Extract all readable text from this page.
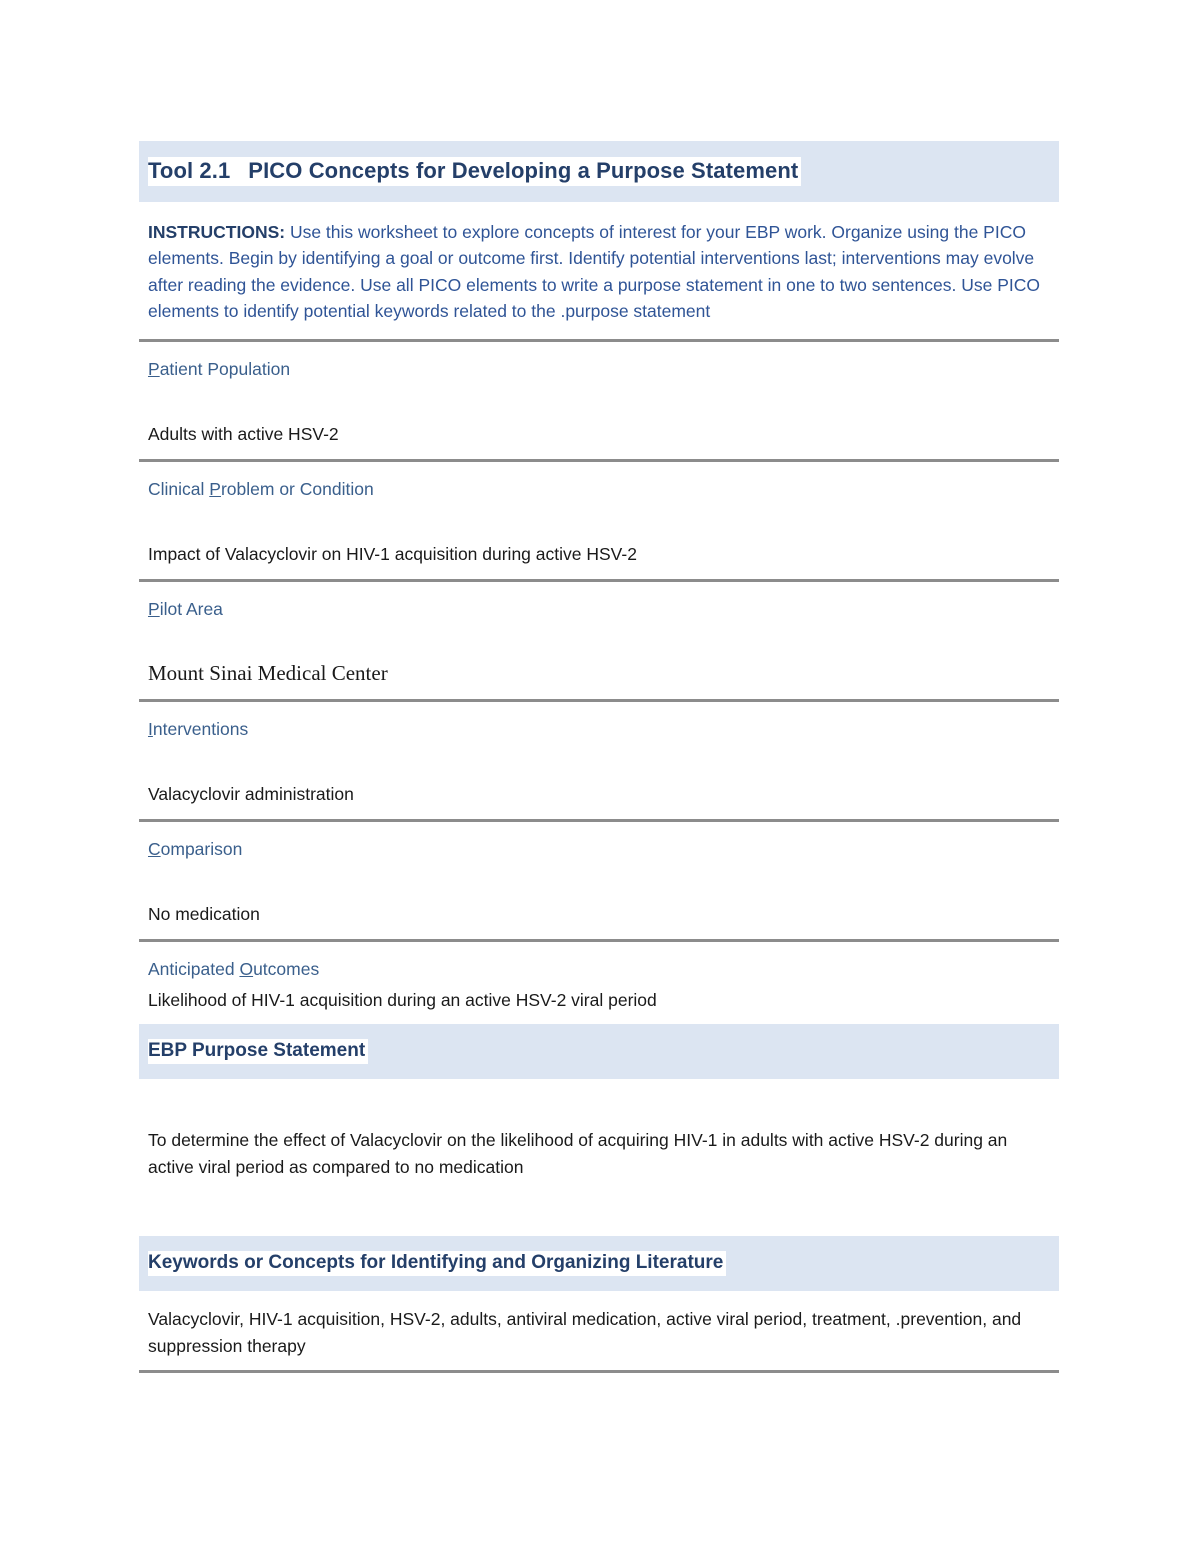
Tool 2.1 PICO Concepts for Developing a Purpose Statement
INSTRUCTIONS: Use this worksheet to explore concepts of interest for your EBP work. Organize using the PICO elements. Begin by identifying a goal or outcome first. Identify potential interventions last; interventions may evolve after reading the evidence. Use all PICO elements to write a purpose statement in one to two sentences. Use PICO elements to identify potential keywords related to the .purpose statement
Patient Population
Adults with active HSV-2
Clinical Problem or Condition
Impact of Valacyclovir on HIV-1 acquisition during active HSV-2
Pilot Area
Mount Sinai Medical Center
Interventions
Valacyclovir administration
Comparison
No medication
Anticipated Outcomes
Likelihood of HIV-1 acquisition during an active HSV-2 viral period
EBP Purpose Statement
To determine the effect of Valacyclovir on the likelihood of acquiring HIV-1 in adults with active HSV-2 during an active viral period as compared to no medication
Keywords or Concepts for Identifying and Organizing Literature
Valacyclovir, HIV-1 acquisition, HSV-2, adults, antiviral medication, active viral period, treatment, .prevention, and suppression therapy
